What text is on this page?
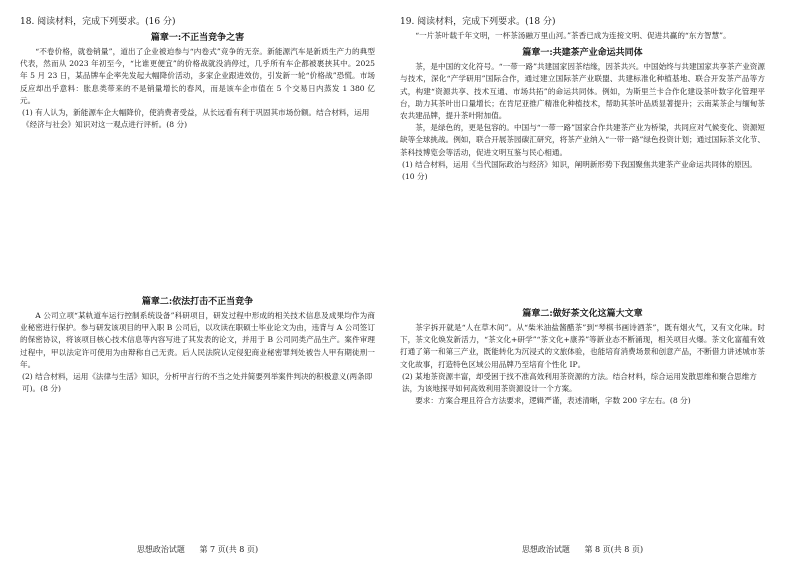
18. 阅读材料，完成下列要求。(16 分)
篇章一:不正当竞争之害

“不卷价格，就卷销量”，道出了企业被迫参与“内卷式”竞争的无奈。新能源汽车是新质生产力的典型代表，然而从 2023 年初至今，“比谁更便宜”的价格战就没消停过，几乎所有车企都被裹挟其中。2025 年 5 月 23 日，某品牌车企率先发起大幅降价活动，多家企业跟进效仿，引发新一轮“价格战”恐慌。市场反应却出乎意料：胀息类带来的不是销量增长的春风，而是该车企市值在 5 个交易日内蒸发 1 380 亿元。

(1) 有人认为，新能源车企大幅降价，使消费者受益，从长远看有利于巩固其市场份额。结合材料，运用《经济与社会》知识对这一观点进行评析。(8 分)

篇章二:依法打击不正当竞争

A 公司立项“某轨道车运行控制系统设备”科研项目，研发过程中形成的相关技术信息及成果均作为商业秘密进行保护。参与研发该项目的甲入职 B 公司后，以攻读在职硕士毕业论文为由，违背与 A 公司签订的保密协议，将该项目核心技术信息等内容写进了其发表的论文，并用于 B 公司同类产品生产。案件审理过程中，甲以法定许可使用为由辩称自己无责。后人民法院认定侵犯商业秘密罪判处被告人甲有期徒刑一年。

(2) 结合材料，运用《法律与生活》知识，分析甲言行的不当之处并简要列举案件判决的积极意义(两条即可)。(8 分)

思想政治试题 第 7 页(共 8 页)
19. 阅读材料，完成下列要求。(18 分)

“一片茶叶载千年文明，一杯茶汤融万里山河。”茶香已成为连接文明、促进共赢的“东方智慧”。

篇章一:共建茶产业命运共同体

茶，是中国的文化符号。“一带一路”共建国家因茶结缘，因茶共兴。中国始终与共建国家共享茶产业资源与技术，深化“产学研用”国际合作，通过建立国际茶产业联盟、共建标准化种植基地、联合开发茶产品等方式，构建“资源共享、技术互通、市场共拓”的命运共同体。例如，为斯里兰卡合作化建设茶叶数字化管理平台，助力其茶叶出口量增长；在肯尼亚推广精准化种植技术，帮助其茶叶品质显著提升；云南某茶企与缅甸茶农共建品牌，提升茶叶附加值。

茶，是绿色的，更是包容的。中国与“一带一路”国家合作共建茶产业为桥梁，共同应对气候变化、资源短缺等全球挑战。例如，联合开展茶园碳汇研究，将茶产业纳入“一带一路”绿色投资计划；通过国际茶文化节、茶科技博览会等活动，促进文明互鉴与民心相通。

(1) 结合材料，运用《当代国际政治与经济》知识，阐明新形势下我国聚焦共建茶产业命运共同体的原因。(10 分)

篇章二:做好茶文化这篇大文章

茶字拆开就是“人在草木间”。从“柴米油盐酱醋茶”到“琴棋书画诗酒茶”，既有烟火气，又有文化味。时下，茶文化焕发新活力，“茶文化+研学”“茶文化+康养”等新业态不断涌现，相关项目火爆。茶文化富蕴有效打通了第一和第三产业，既能转化为沉浸式的文旅体验，也能培育消费场景和创意产品，不断借力讲述城市茶文化故事，打造特色区域公用品牌乃至培育个性化 IP。

(2) 某地茶资源丰富，却受困于找不准高效利用茶资源的方法。结合材料，综合运用发散思维和聚合思维方法，为该地探寻如何高效利用茶资源设计一个方案。

要求：方案合理且符合方法要求，逻辑严谨，表述清晰，字数 200 字左右。(8 分)

思想政治试题 第 8 页(共 8 页)
